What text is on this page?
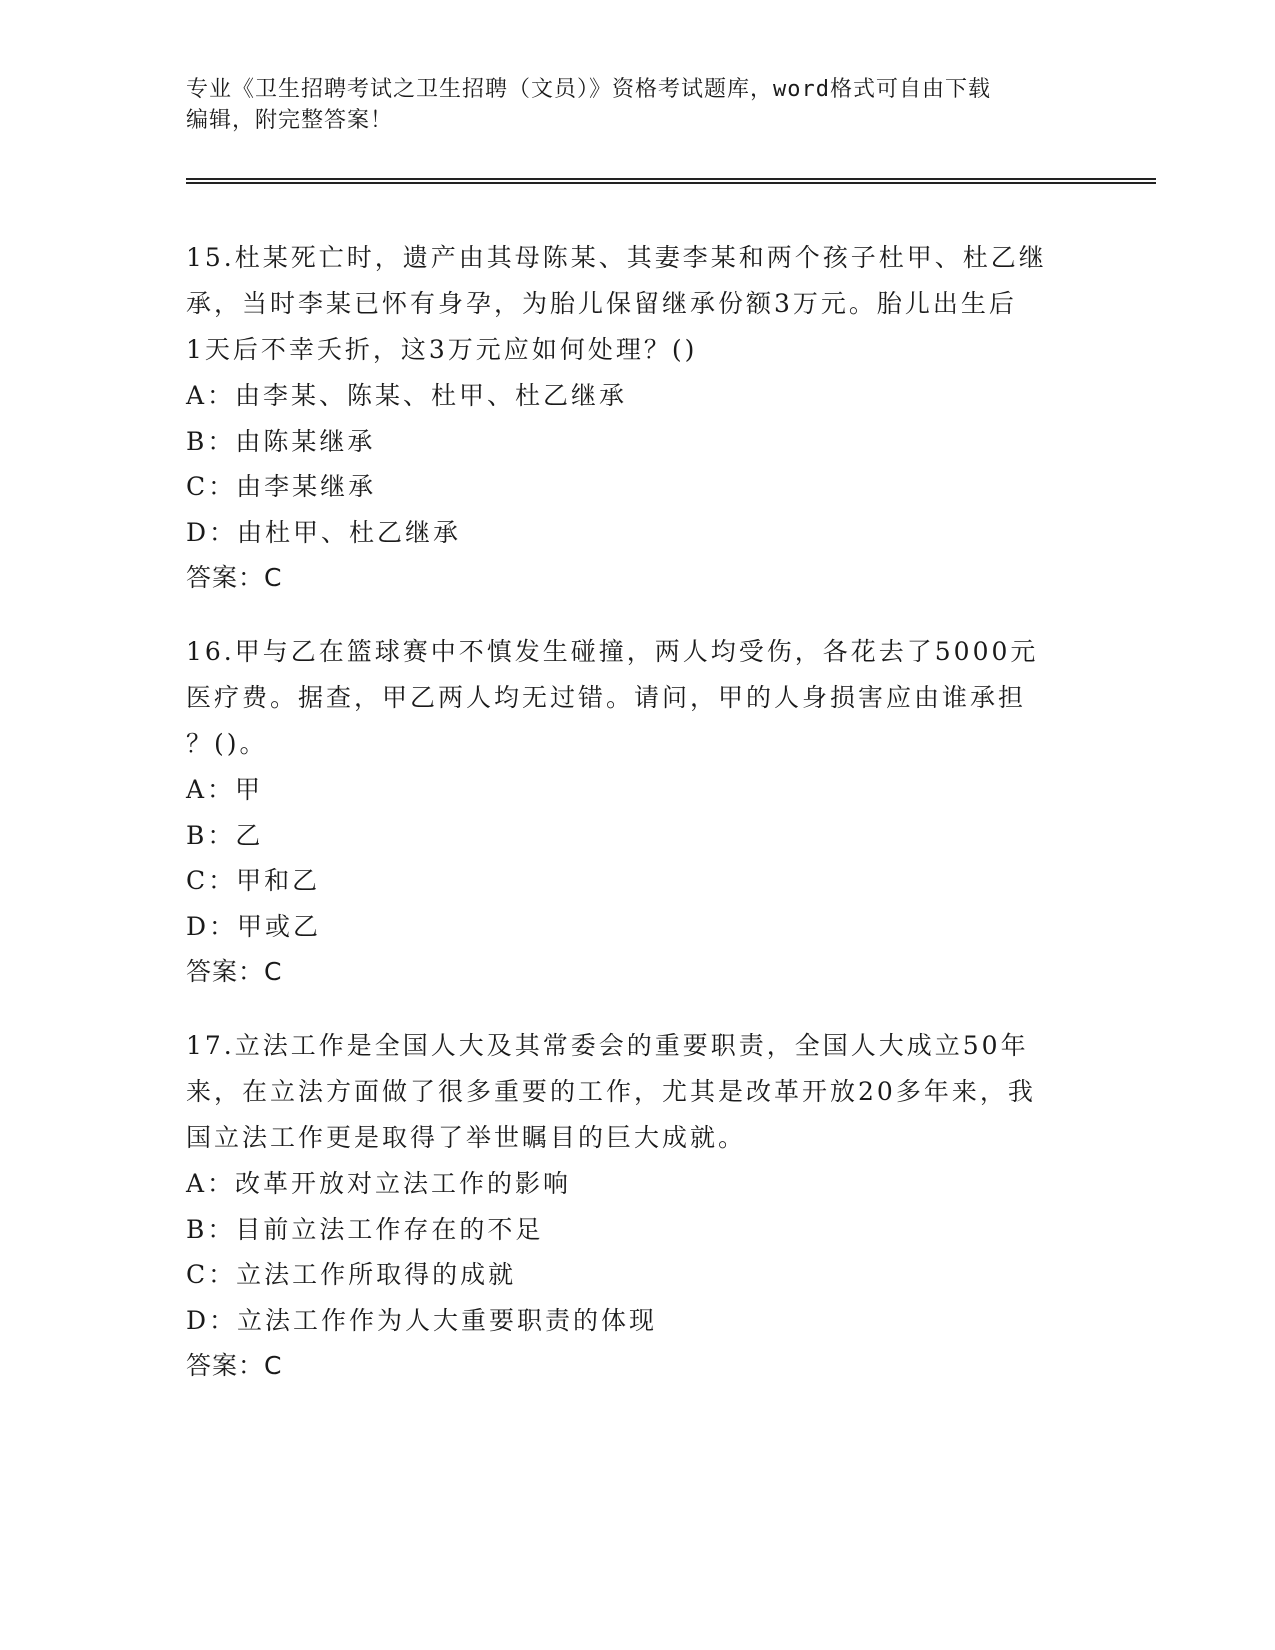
专业《卫生招聘考试之卫生招聘（文员）》资格考试题库，word格式可自由下载
编辑，附完整答案！

15.杜某死亡时，遗产由其母陈某、其妻李某和两个孩子杜甲、杜乙继

承，当时李某已怀有身孕，为胎儿保留继承份额3万元。胎儿出生后

1天后不幸夭折，这3万元应如何处理？()

A：由李某、陈某、杜甲、杜乙继承

B：由陈某继承

C：由李某继承

D：由杜甲、杜乙继承

答案：C

16.甲与乙在篮球赛中不慎发生碰撞，两人均受伤，各花去了5000元

医疗费。据查，甲乙两人均无过错。请问，甲的人身损害应由谁承担

？()。

A：甲

B：乙

C：甲和乙

D：甲或乙

答案：C

17.立法工作是全国人大及其常委会的重要职责，全国人大成立50年

来，在立法方面做了很多重要的工作，尤其是改革开放20多年来，我

国立法工作更是取得了举世瞩目的巨大成就。

A：改革开放对立法工作的影响

B：目前立法工作存在的不足

C：立法工作所取得的成就

D：立法工作作为人大重要职责的体现

答案：C
